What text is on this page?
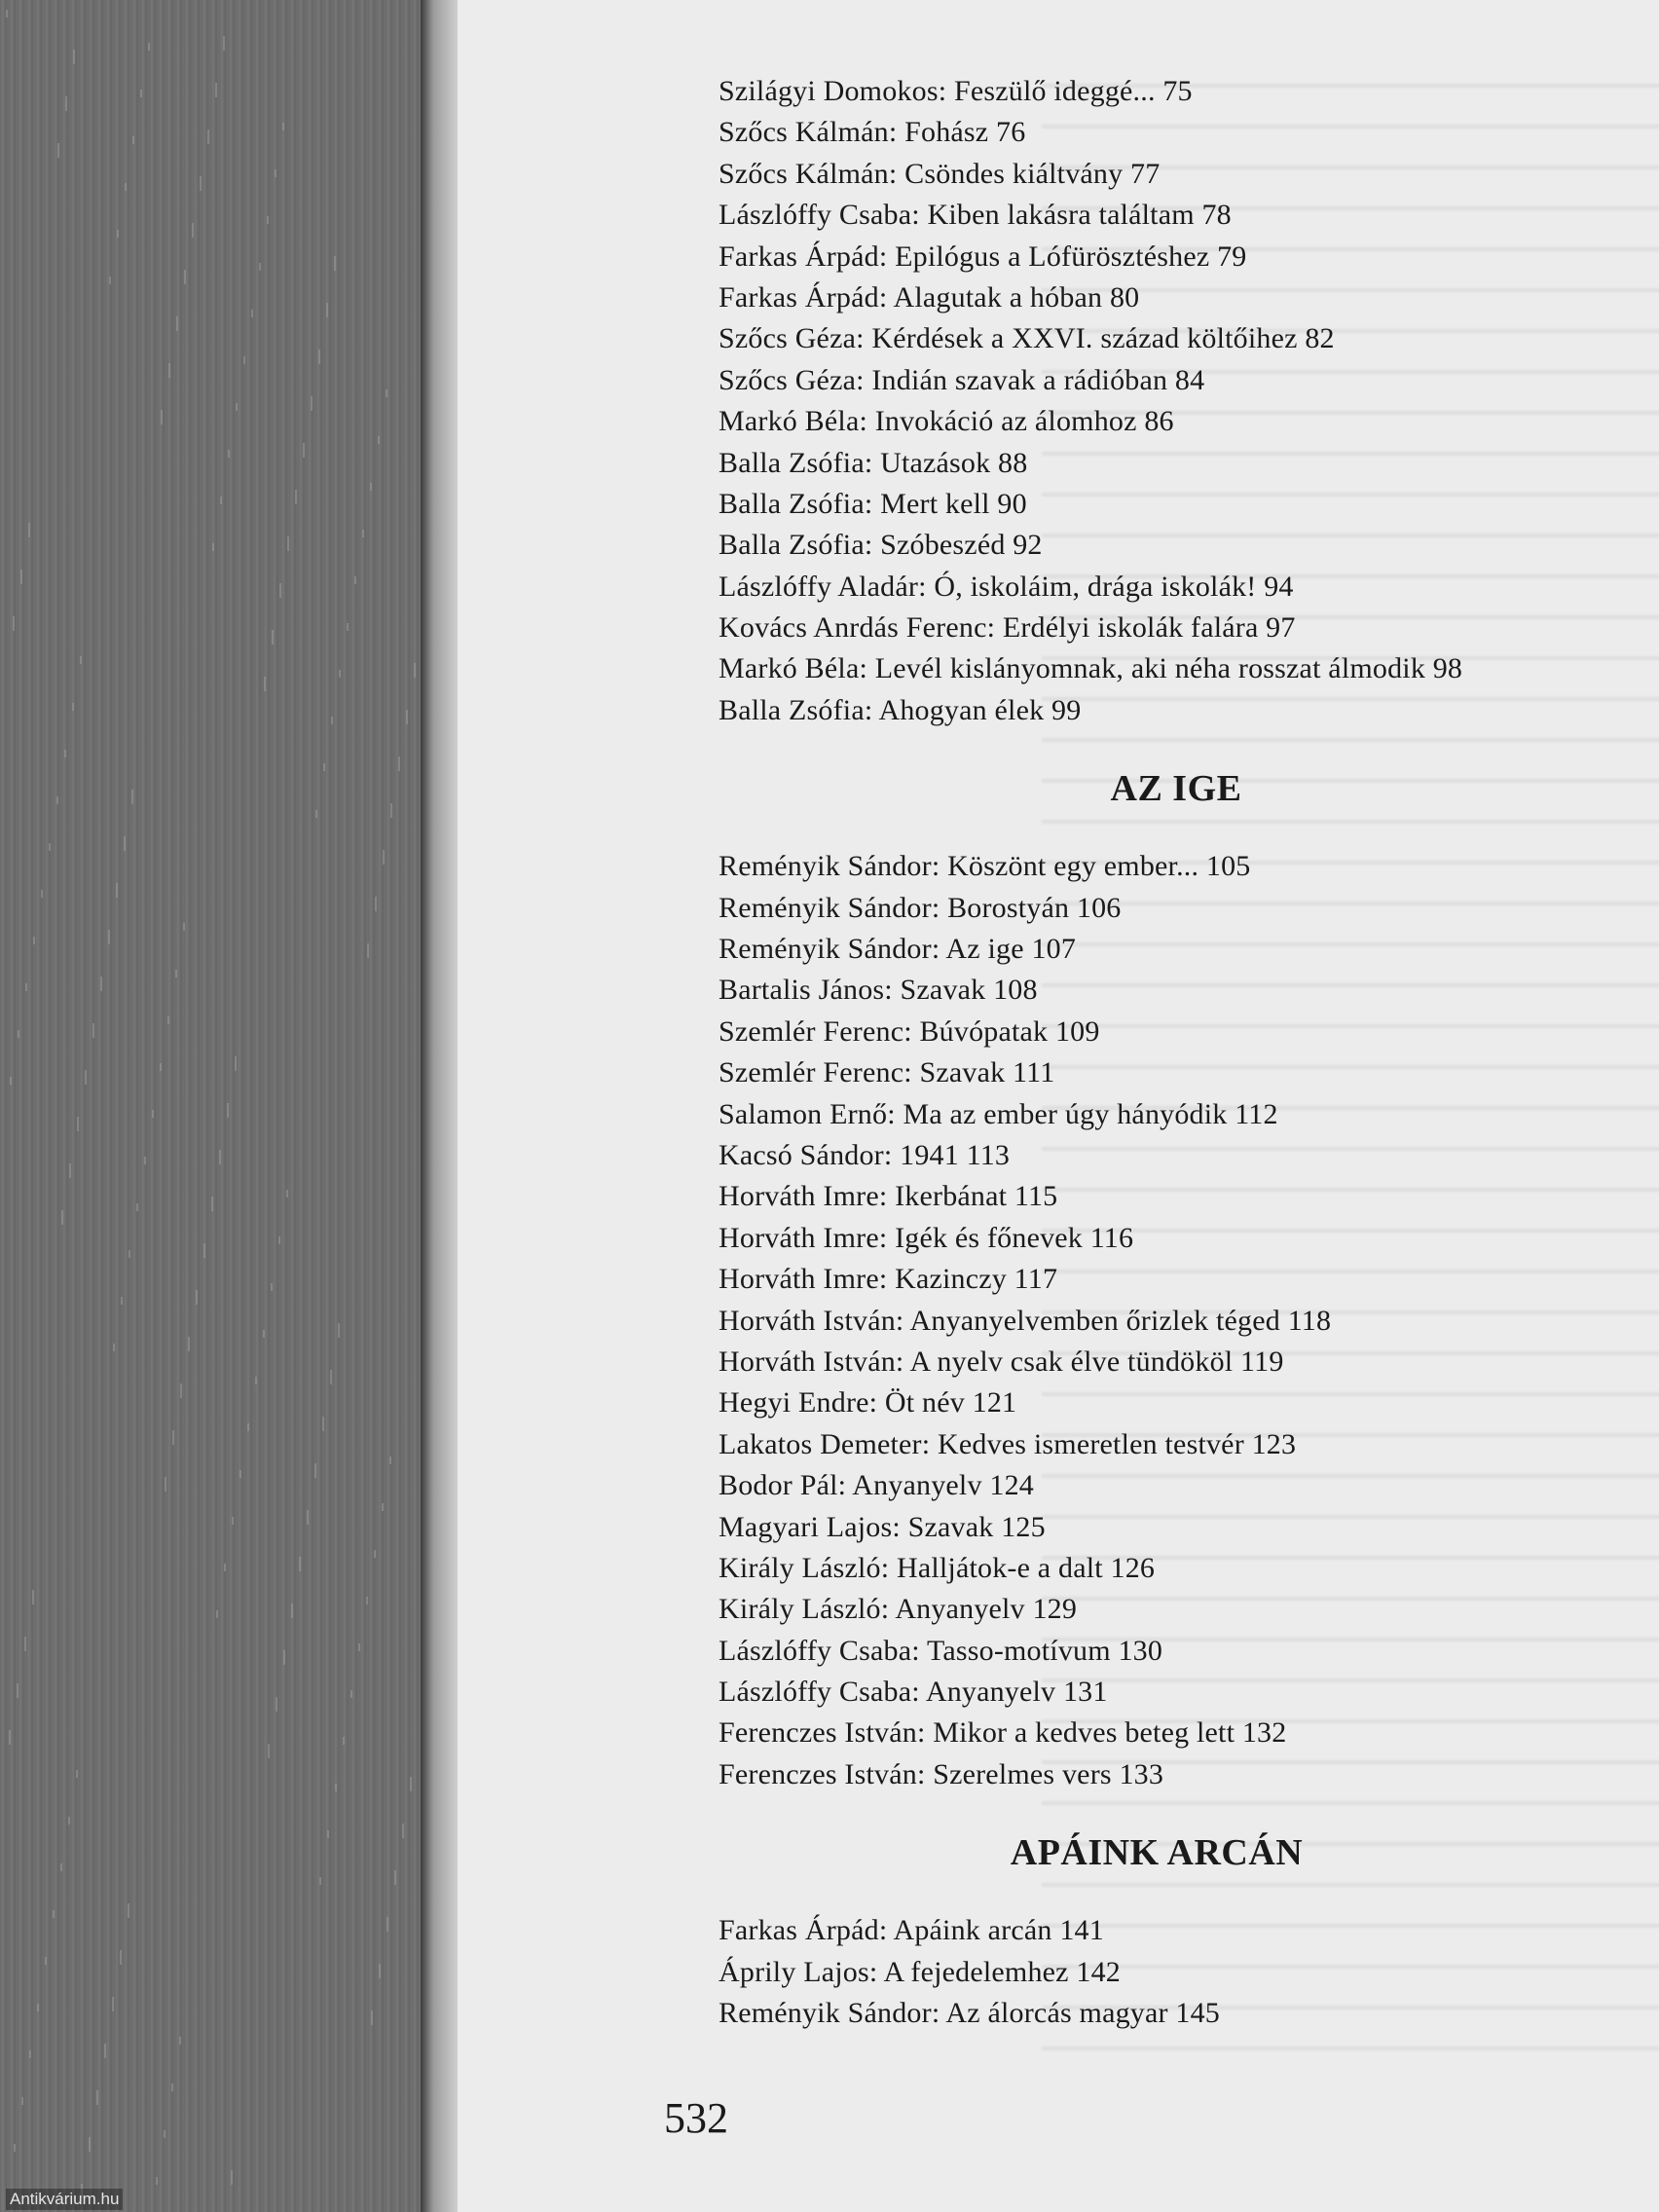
Szilágyi Domokos: Feszülő ideggé... 75
Szőcs Kálmán: Fohász 76
Szőcs Kálmán: Csöndes kiáltvány 77
Lászlóffy Csaba: Kiben lakásra találtam 78
Farkas Árpád: Epilógus a Lófürösztéshez 79
Farkas Árpád: Alagutak a hóban 80
Szőcs Géza: Kérdések a XXVI. század költőihez 82
Szőcs Géza: Indián szavak a rádióban 84
Markó Béla: Invokáció az álomhoz 86
Balla Zsófia: Utazások 88
Balla Zsófia: Mert kell 90
Balla Zsófia: Szóbeszéd 92
Lászlóffy Aladár: Ó, iskoláim, drága iskolák! 94
Kovács Anrdás Ferenc: Erdélyi iskolák falára 97
Markó Béla: Levél kislányomnak, aki néha rosszat álmodik 98
Balla Zsófia: Ahogyan élek 99
AZ IGE
Reményik Sándor: Köszönt egy ember... 105
Reményik Sándor: Borostyán 106
Reményik Sándor: Az ige 107
Bartalis János: Szavak 108
Szemlér Ferenc: Búvópatak 109
Szemlér Ferenc: Szavak 111
Salamon Ernő: Ma az ember úgy hányódik 112
Kacsó Sándor: 1941 113
Horváth Imre: Ikerbánat 115
Horváth Imre: Igék és főnevek 116
Horváth Imre: Kazinczy 117
Horváth István: Anyanyelvemben őrizlek téged 118
Horváth István: A nyelv csak élve tündököl 119
Hegyi Endre: Öt név 121
Lakatos Demeter: Kedves ismeretlen testvér 123
Bodor Pál: Anyanyelv 124
Magyari Lajos: Szavak 125
Király László: Halljátok-e a dalt 126
Király László: Anyanyelv 129
Lászlóffy Csaba: Tasso-motívum 130
Lászlóffy Csaba: Anyanyelv 131
Ferenczes István: Mikor a kedves beteg lett 132
Ferenczes István: Szerelmes vers 133
APÁINK ARCÁN
Farkas Árpád: Apáink arcán 141
Áprily Lajos: A fejedelemhez 142
Reményik Sándor: Az álorcás magyar 145
532
Antikvárium.hu
